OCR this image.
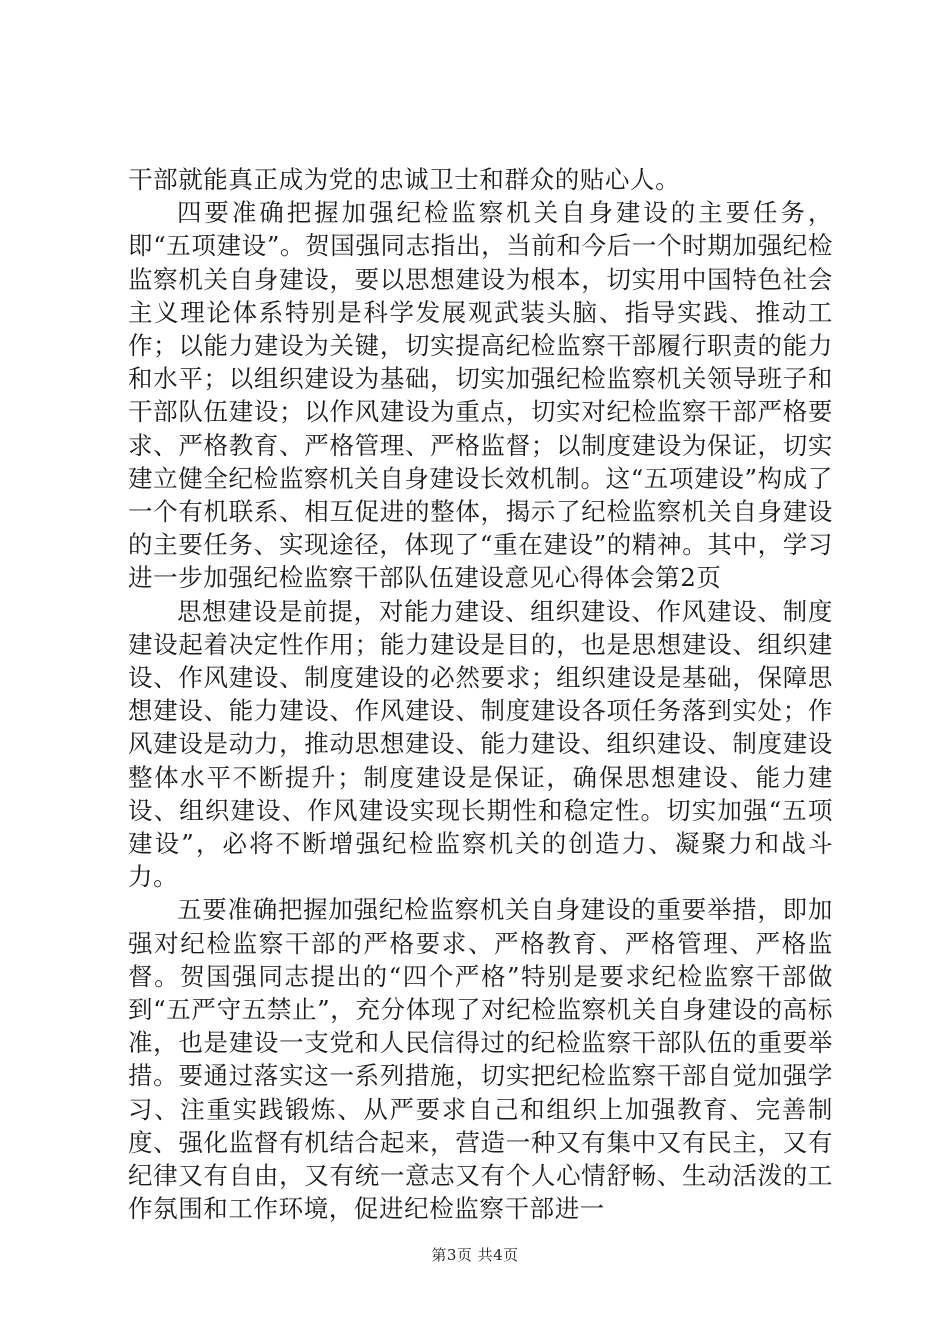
干部就能真正成为党的忠诚卫士和群众的贴心人。

四要准确把握加强纪检监察机关自身建设的主要任务，即“五项建设”。贺国强同志指出，当前和今后一个时期加强纪检监察机关自身建设，要以思想建设为根本，切实用中国特色社会主义理论体系特别是科学发展观武装头脑、指导实践、推动工作；以能力建设为关键，切实提高纪检监察干部履行职责的能力和水平；以组织建设为基础，切实加强纪检监察机关领导班子和干部队伍建设；以作风建设为重点，切实对纪检监察干部严格要求、严格教育、严格管理、严格监督；以制度建设为保证，切实建立健全纪检监察机关自身建设长效机制。这“五项建设”构成了一个有机联系、相互促进的整体，揭示了纪检监察机关自身建设的主要任务、实现途径，体现了“重在建设”的精神。其中，学习进一步加强纪检监察干部队伍建设意见心得体会第2页

思想建设是前提，对能力建设、组织建设、作风建设、制度建设起着决定性作用；能力建设是目的，也是思想建设、组织建设、作风建设、制度建设的必然要求；组织建设是基础，保障思想建设、能力建设、作风建设、制度建设各项任务落到实处；作风建设是动力，推动思想建设、能力建设、组织建设、制度建设整体水平不断提升；制度建设是保证，确保思想建设、能力建设、组织建设、作风建设实现长期性和稳定性。切实加强“五项建设”，必将不断增强纪检监察机关的创造力、凝聚力和战斗力。

五要准确把握加强纪检监察机关自身建设的重要举措，即加强对纪检监察干部的严格要求、严格教育、严格管理、严格监督。贺国强同志提出的“四个严格”特别是要求纪检监察干部做到“五严守五禁止”，充分体现了对纪检监察机关自身建设的高标准，也是建设一支党和人民信得过的纪检监察干部队伍的重要举措。要通过落实这一系列措施，切实把纪检监察干部自觉加强学习、注重实践锻炼、从严要求自己和组织上加强教育、完善制度、强化监督有机结合起来，营造一种又有集中又有民主，又有纪律又有自由，又有统一意志又有个人心情舒畅、生动活泼的工作氛围和工作环境，促进纪检监察干部进一

第3页 共4页
